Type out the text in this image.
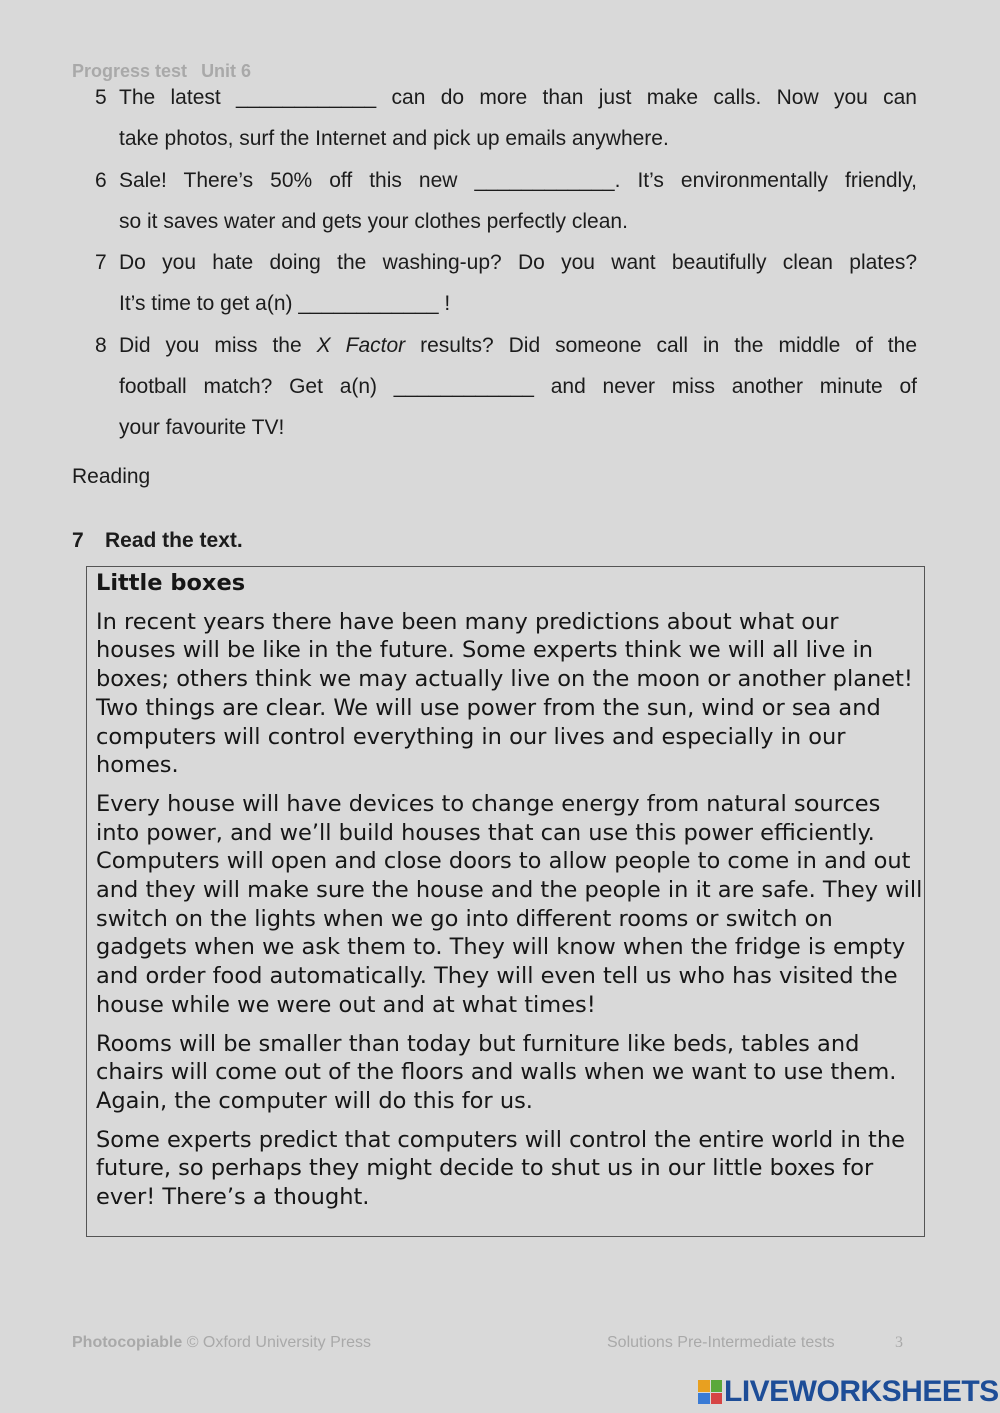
Progress test Unit 6
5 The latest ____________ can do more than just make calls. Now you can
take photos, surf the Internet and pick up emails anywhere.
6 Sale! There’s 50% off this new ____________. It’s environmentally friendly,
so it saves water and gets your clothes perfectly clean.
7 Do you hate doing the washing-up? Do you want beautifully clean plates?
It’s time to get a(n) ____________ !
8 Did you miss the X Factor results? Did someone call in the middle of the
football match? Get a(n) ____________ and never miss another minute of
your favourite TV!
Reading
7 Read the text.
Little boxes

In recent years there have been many predictions about what our houses will be like in the future. Some experts think we will all live in boxes; others think we may actually live on the moon or another planet! Two things are clear. We will use power from the sun, wind or sea and computers will control everything in our lives and especially in our homes.

Every house will have devices to change energy from natural sources into power, and we’ll build houses that can use this power efficiently. Computers will open and close doors to allow people to come in and out and they will make sure the house and the people in it are safe. They will switch on the lights when we go into different rooms or switch on gadgets when we ask them to. They will know when the fridge is empty and order food automatically. They will even tell us who has visited the house while we were out and at what times!

Rooms will be smaller than today but furniture like beds, tables and chairs will come out of the floors and walls when we want to use them. Again, the computer will do this for us.

Some experts predict that computers will control the entire world in the future, so perhaps they might decide to shut us in our little boxes for ever! There’s a thought.

Photocopiable © Oxford University Press	Solutions Pre-Intermediate tests	3
LIVEWORKSHEETS
